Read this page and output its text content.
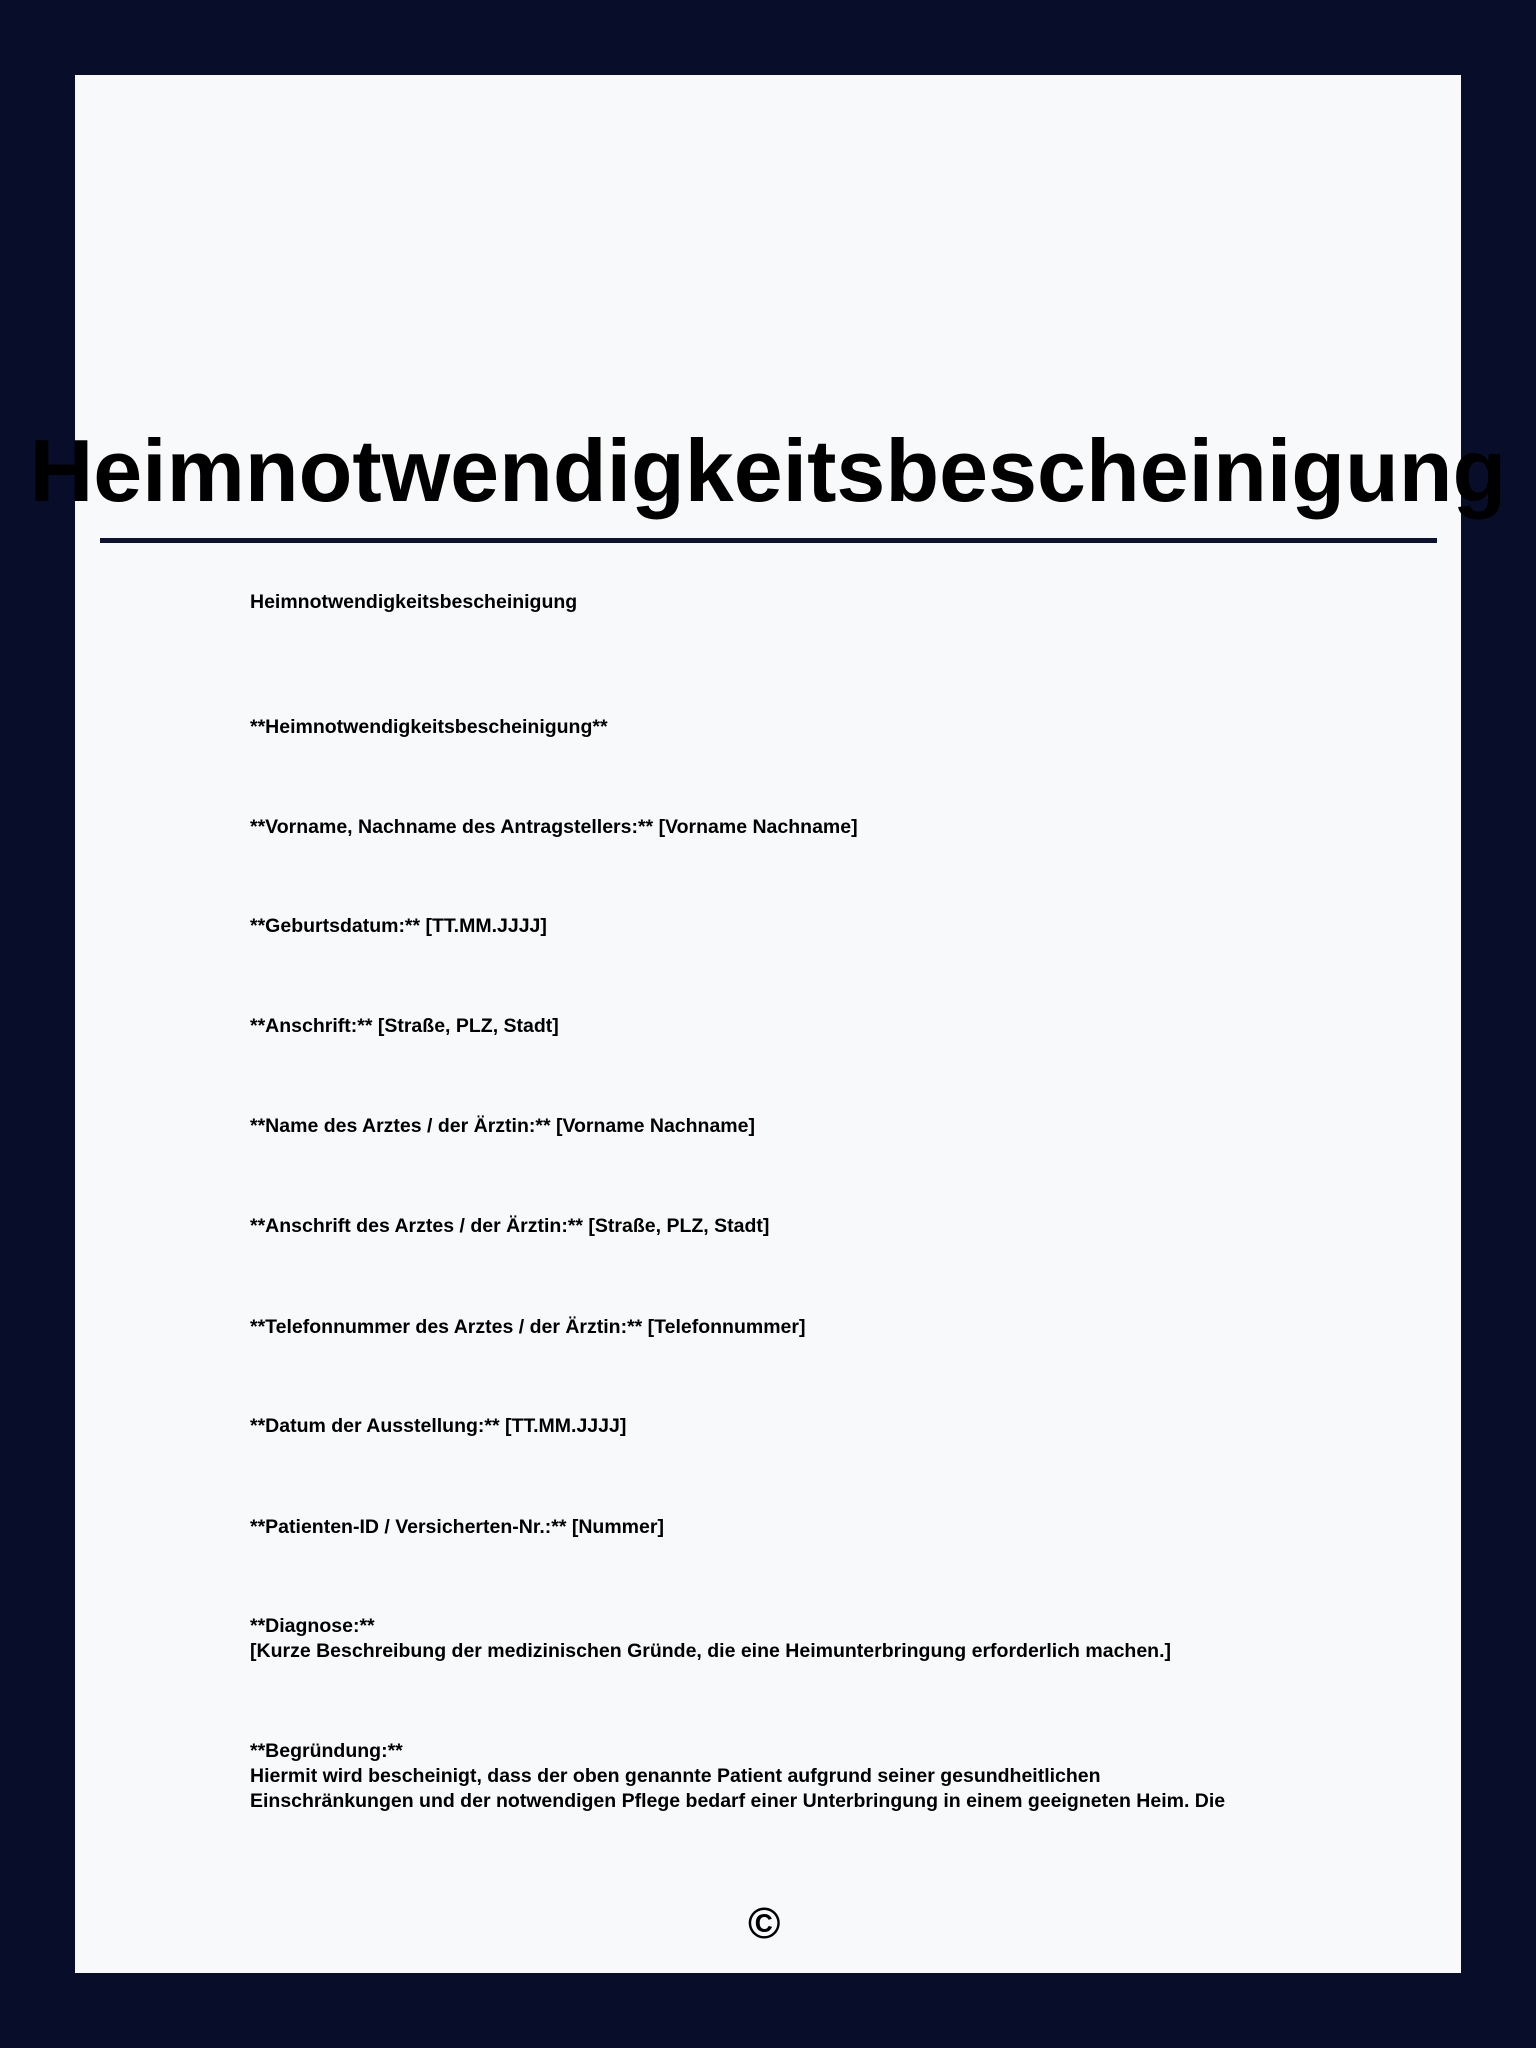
Heimnotwendigkeitsbescheinigung
Heimnotwendigkeitsbescheinigung
**Heimnotwendigkeitsbescheinigung**
**Vorname, Nachname des Antragstellers:** [Vorname Nachname]
**Geburtsdatum:** [TT.MM.JJJJ]
**Anschrift:** [Straße, PLZ, Stadt]
**Name des Arztes / der Ärztin:** [Vorname Nachname]
**Anschrift des Arztes / der Ärztin:** [Straße, PLZ, Stadt]
**Telefonnummer des Arztes / der Ärztin:** [Telefonnummer]
**Datum der Ausstellung:** [TT.MM.JJJJ]
**Patienten-ID / Versicherten-Nr.:** [Nummer]
**Diagnose:**
[Kurze Beschreibung der medizinischen Gründe, die eine Heimunterbringung erforderlich machen.]
**Begründung:**
Hiermit wird bescheinigt, dass der oben genannte Patient aufgrund seiner gesundheitlichen
Einschränkungen und der notwendigen Pflege bedarf einer Unterbringung in einem geeigneten Heim. Die
©
